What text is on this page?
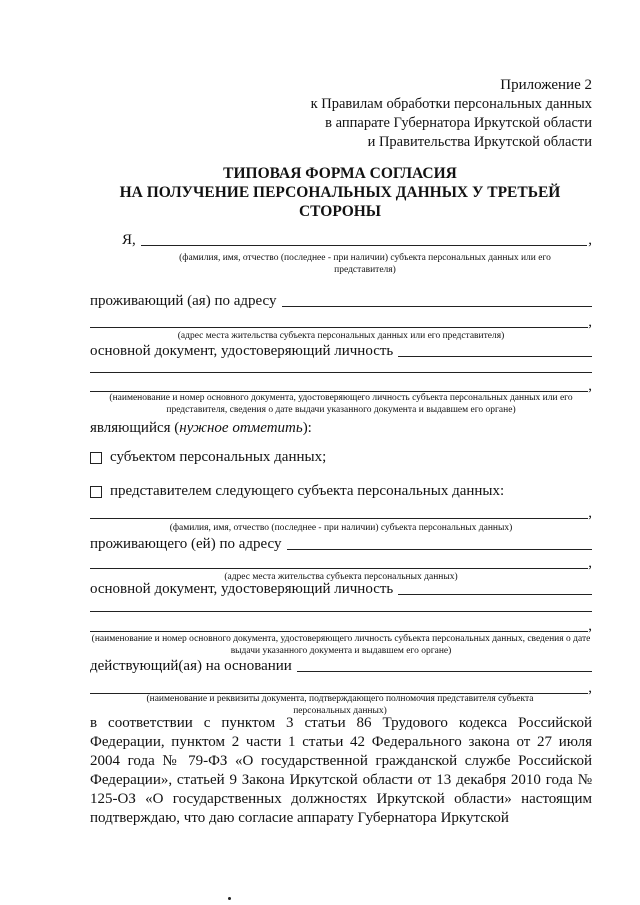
Приложение 2
к Правилам обработки персональных данных
в аппарате Губернатора Иркутской области
и Правительства Иркутской области
ТИПОВАЯ ФОРМА СОГЛАСИЯ
НА ПОЛУЧЕНИЕ ПЕРСОНАЛЬНЫХ ДАННЫХ У ТРЕТЬЕЙ
СТОРОНЫ
Я,	,
(фамилия, имя, отчество (последнее - при наличии) субъекта персональных данных или его представителя)
проживающий (ая) по адресу
,
(адрес места жительства субъекта персональных данных или его представителя)
основной документ, удостоверяющий личность
,
(наименование и номер основного документа, удостоверяющего личность субъекта персональных данных или его представителя, сведения о дате выдачи указанного документа и выдавшем его органе)
являющийся ( нужное отметить ):
субъектом персональных данных;
представителем следующего субъекта персональных данных:
,
(фамилия, имя, отчество (последнее - при наличии) субъекта персональных данных)
проживающего (ей) по адресу
,
(адрес места жительства субъекта персональных данных)
основной документ, удостоверяющий личность
,
(наименование и номер основного документа, удостоверяющего личность субъекта персональных данных, сведения о дате выдачи указанного документа и выдавшем его органе)
действующий(ая) на основании
,
(наименование и реквизиты документа, подтверждающего полномочия представителя субъекта персональных данных)
в соответствии с пунктом 3 статьи 86 Трудового кодекса Российской Федерации, пунктом 2 части 1 статьи 42 Федерального закона от 27 июля 2004 года № 79-ФЗ «О государственной гражданской службе Российской Федерации», статьей 9 Закона Иркутской области от 13 декабря 2010 года № 125-ОЗ «О государственных должностях Иркутской области» настоящим подтверждаю, что даю согласие аппарату Губернатора Иркутской
